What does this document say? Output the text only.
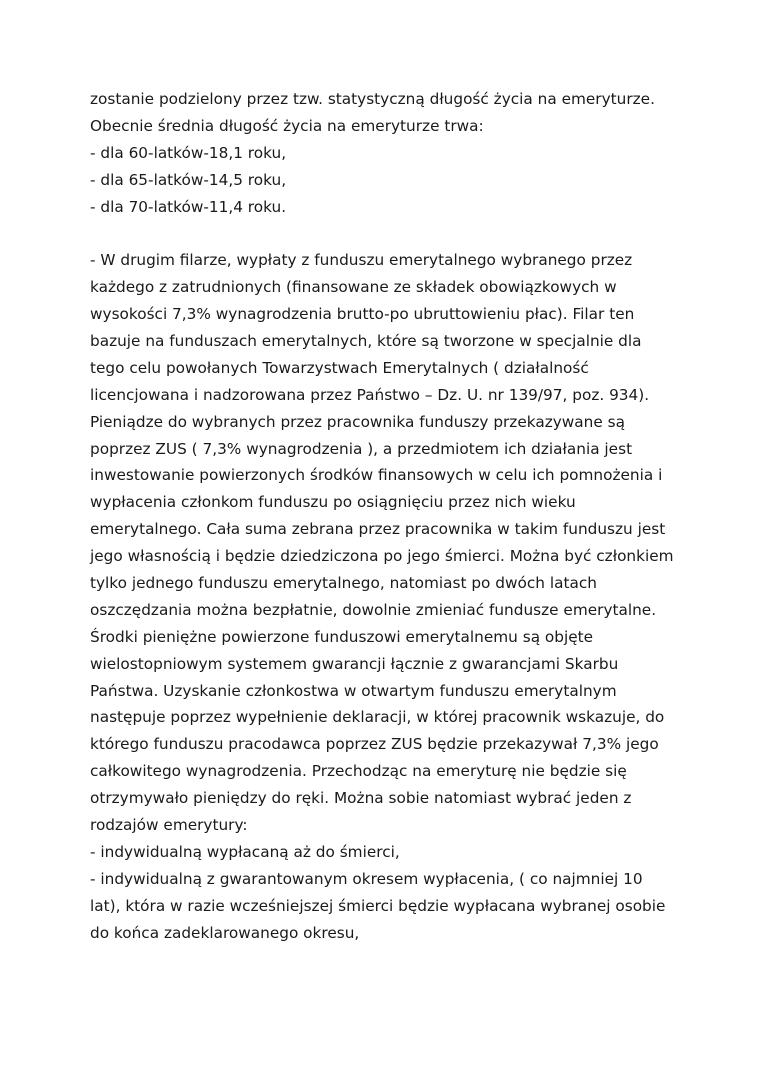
zostanie podzielony przez tzw. statystyczną długość życia na emeryturze.
Obecnie średnia długość życia na emeryturze trwa:
- dla 60-latków-18,1 roku,
- dla 65-latków-14,5 roku,
- dla 70-latków-11,4 roku.
- W drugim filarze, wypłaty z funduszu emerytalnego wybranego przez
każdego z zatrudnionych (finansowane ze składek obowiązkowych w
wysokości 7,3% wynagrodzenia brutto-po ubruttowieniu płac). Filar ten
bazuje na funduszach emerytalnych, które są tworzone w specjalnie dla
tego celu powołanych Towarzystwach Emerytalnych ( działalność
licencjowana i nadzorowana przez Państwo – Dz. U. nr 139/97, poz. 934).
Pieniądze do wybranych przez pracownika funduszy przekazywane są
poprzez ZUS ( 7,3% wynagrodzenia ), a przedmiotem ich działania jest
inwestowanie powierzonych środków finansowych w celu ich pomnożenia i
wypłacenia członkom funduszu po osiągnięciu przez nich wieku
emerytalnego. Cała suma zebrana przez pracownika w takim funduszu jest
jego własnością i będzie dziedziczona po jego śmierci. Można być członkiem
tylko jednego funduszu emerytalnego, natomiast po dwóch latach
oszczędzania można bezpłatnie, dowolnie zmieniać fundusze emerytalne.
Środki pieniężne powierzone funduszowi emerytalnemu są objęte
wielostopniowym systemem gwarancji łącznie z gwarancjami Skarbu
Państwa. Uzyskanie członkostwa w otwartym funduszu emerytalnym
następuje poprzez wypełnienie deklaracji, w której pracownik wskazuje, do
którego funduszu pracodawca poprzez ZUS będzie przekazywał 7,3% jego
całkowitego wynagrodzenia. Przechodząc na emeryturę nie będzie się
otrzymywało pieniędzy do ręki. Można sobie natomiast wybrać jeden z
rodzajów emerytury:
- indywidualną wypłacaną aż do śmierci,
- indywidualną z gwarantowanym okresem wypłacenia, ( co najmniej 10
lat), która w razie wcześniejszej śmierci będzie wypłacana wybranej osobie
do końca zadeklarowanego okresu,
